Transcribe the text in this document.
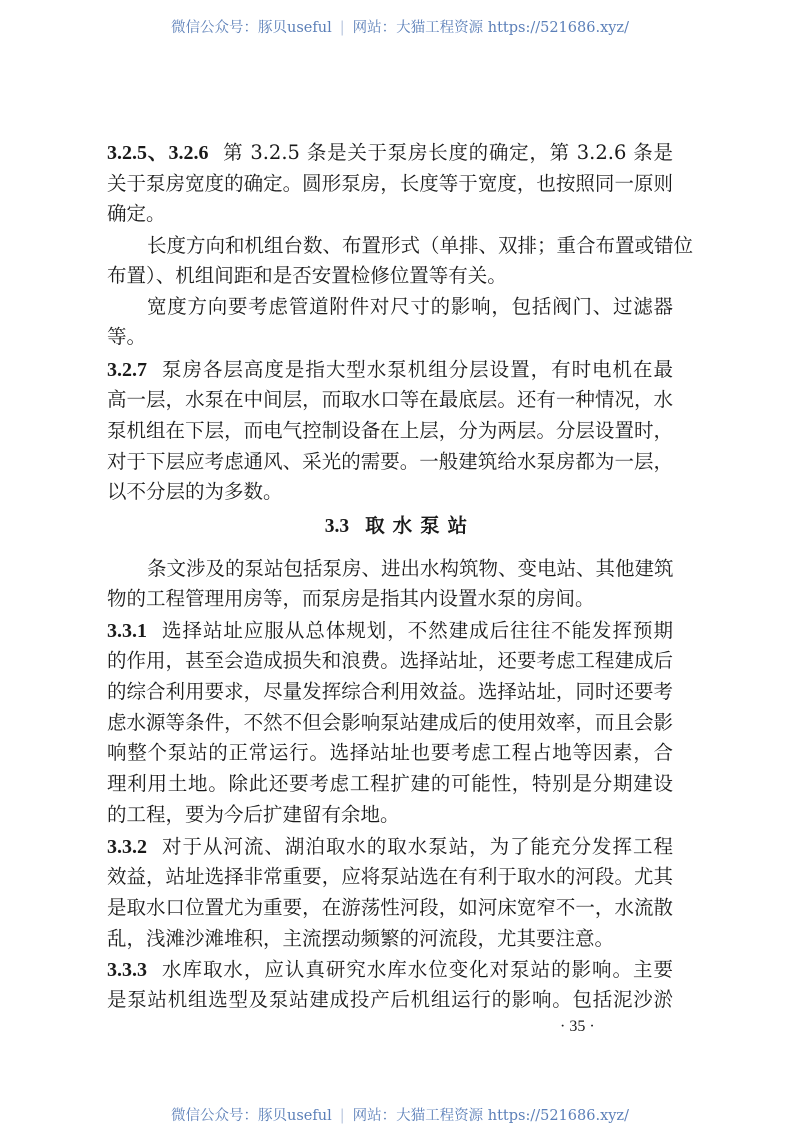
微信公众号：豚贝useful | 网站：大猫工程资源 https://521686.xyz/
3.2.5、3.2.6 第 3.2.5 条是关于泵房长度的确定，第 3.2.6 条是
关于泵房宽度的确定。圆形泵房，长度等于宽度，也按照同一原则
确定。
长度方向和机组台数、布置形式（单排、双排；重合布置或错位
布置）、机组间距和是否安置检修位置等有关。
宽度方向要考虑管道附件对尺寸的影响，包括阀门、过滤器
等。
3.2.7 泵房各层高度是指大型水泵机组分层设置，有时电机在最
高一层，水泵在中间层，而取水口等在最底层。还有一种情况，水
泵机组在下层，而电气控制设备在上层，分为两层。分层设置时，
对于下层应考虑通风、采光的需要。一般建筑给水泵房都为一层，
以不分层的为多数。
条文涉及的泵站包括泵房、进出水构筑物、变电站、其他建筑
物的工程管理用房等，而泵房是指其内设置水泵的房间。
3.3.1 选择站址应服从总体规划，不然建成后往往不能发挥预期
的作用，甚至会造成损失和浪费。选择站址，还要考虑工程建成后
的综合利用要求，尽量发挥综合利用效益。选择站址，同时还要考
虑水源等条件，不然不但会影响泵站建成后的使用效率，而且会影
响整个泵站的正常运行。选择站址也要考虑工程占地等因素，合
理利用土地。除此还要考虑工程扩建的可能性，特别是分期建设
的工程，要为今后扩建留有余地。
3.3.2 对于从河流、湖泊取水的取水泵站，为了能充分发挥工程
效益，站址选择非常重要，应将泵站选在有利于取水的河段。尤其
是取水口位置尤为重要，在游荡性河段，如河床宽窄不一，水流散
乱，浅滩沙滩堆积，主流摆动频繁的河流段，尤其要注意。
3.3.3 水库取水，应认真研究水库水位变化对泵站的影响。主要
是泵站机组选型及泵站建成投产后机组运行的影响。包括泥沙淤
3.3 取水泵站
· 35 ·
微信公众号：豚贝useful | 网站：大猫工程资源 https://521686.xyz/
